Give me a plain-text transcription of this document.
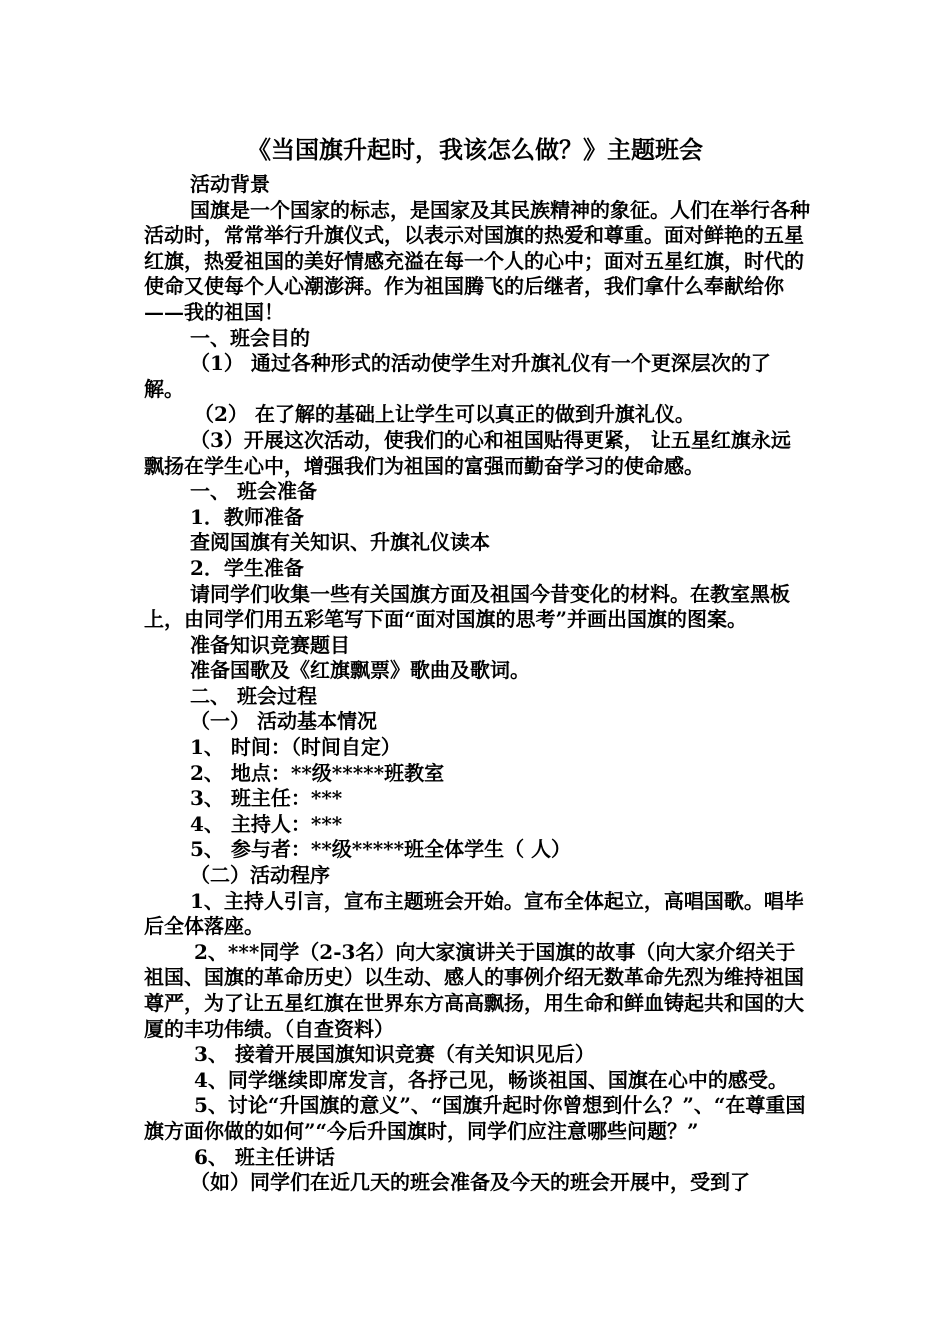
《当国旗升起时，我该怎么做？》主题班会

活动背景

国旗是一个国家的标志，是国家及其民族精神的象征。人们在举行各种活动时，常常举行升旗仪式，以表示对国旗的热爱和尊重。面对鲜艳的五星红旗，热爱祖国的美好情感充溢在每一个人的心中；面对五星红旗，时代的使命又使每个人心潮澎湃。作为祖国腾飞的后继者，我们拿什么奉献给你——我的祖国！

一、班会目的

（1） 通过各种形式的活动使学生对升旗礼仪有一个更深层次的了解。

（2） 在了解的基础上让学生可以真正的做到升旗礼仪。

（3）开展这次活动，使我们的心和祖国贴得更紧， 让五星红旗永远飘扬在学生心中，增强我们为祖国的富强而勤奋学习的使命感。

一、 班会准备

1．教师准备

查阅国旗有关知识、升旗礼仪读本

2．学生准备

请同学们收集一些有关国旗方面及祖国今昔变化的材料。在教室黑板上，由同学们用五彩笔写下面“面对国旗的思考”并画出国旗的图案。

准备知识竞赛题目

准备国歌及《红旗飘票》歌曲及歌词。

二、 班会过程

（一） 活动基本情况

1、 时间：（时间自定）

2、 地点：**级*****班教室

3、 班主任：***

4、 主持人：***

5、 参与者：**级*****班全体学生（ 人）

（二）活动程序

1、主持人引言，宣布主题班会开始。宣布全体起立，高唱国歌。唱毕后全体落座。

2、***同学（2-3名）向大家演讲关于国旗的故事（向大家介绍关于祖国、国旗的革命历史）以生动、感人的事例介绍无数革命先烈为维持祖国尊严，为了让五星红旗在世界东方高高飘扬，用生命和鲜血铸起共和国的大厦的丰功伟绩。（自查资料）

3、 接着开展国旗知识竞赛（有关知识见后）

4、同学继续即席发言，各抒己见，畅谈祖国、国旗在心中的感受。

5、讨论“升国旗的意义”、“国旗升起时你曾想到什么？”、“在尊重国旗方面你做的如何”“今后升国旗时，同学们应注意哪些问题？”

6、 班主任讲话

（如）同学们在近几天的班会准备及今天的班会开展中，受到了
